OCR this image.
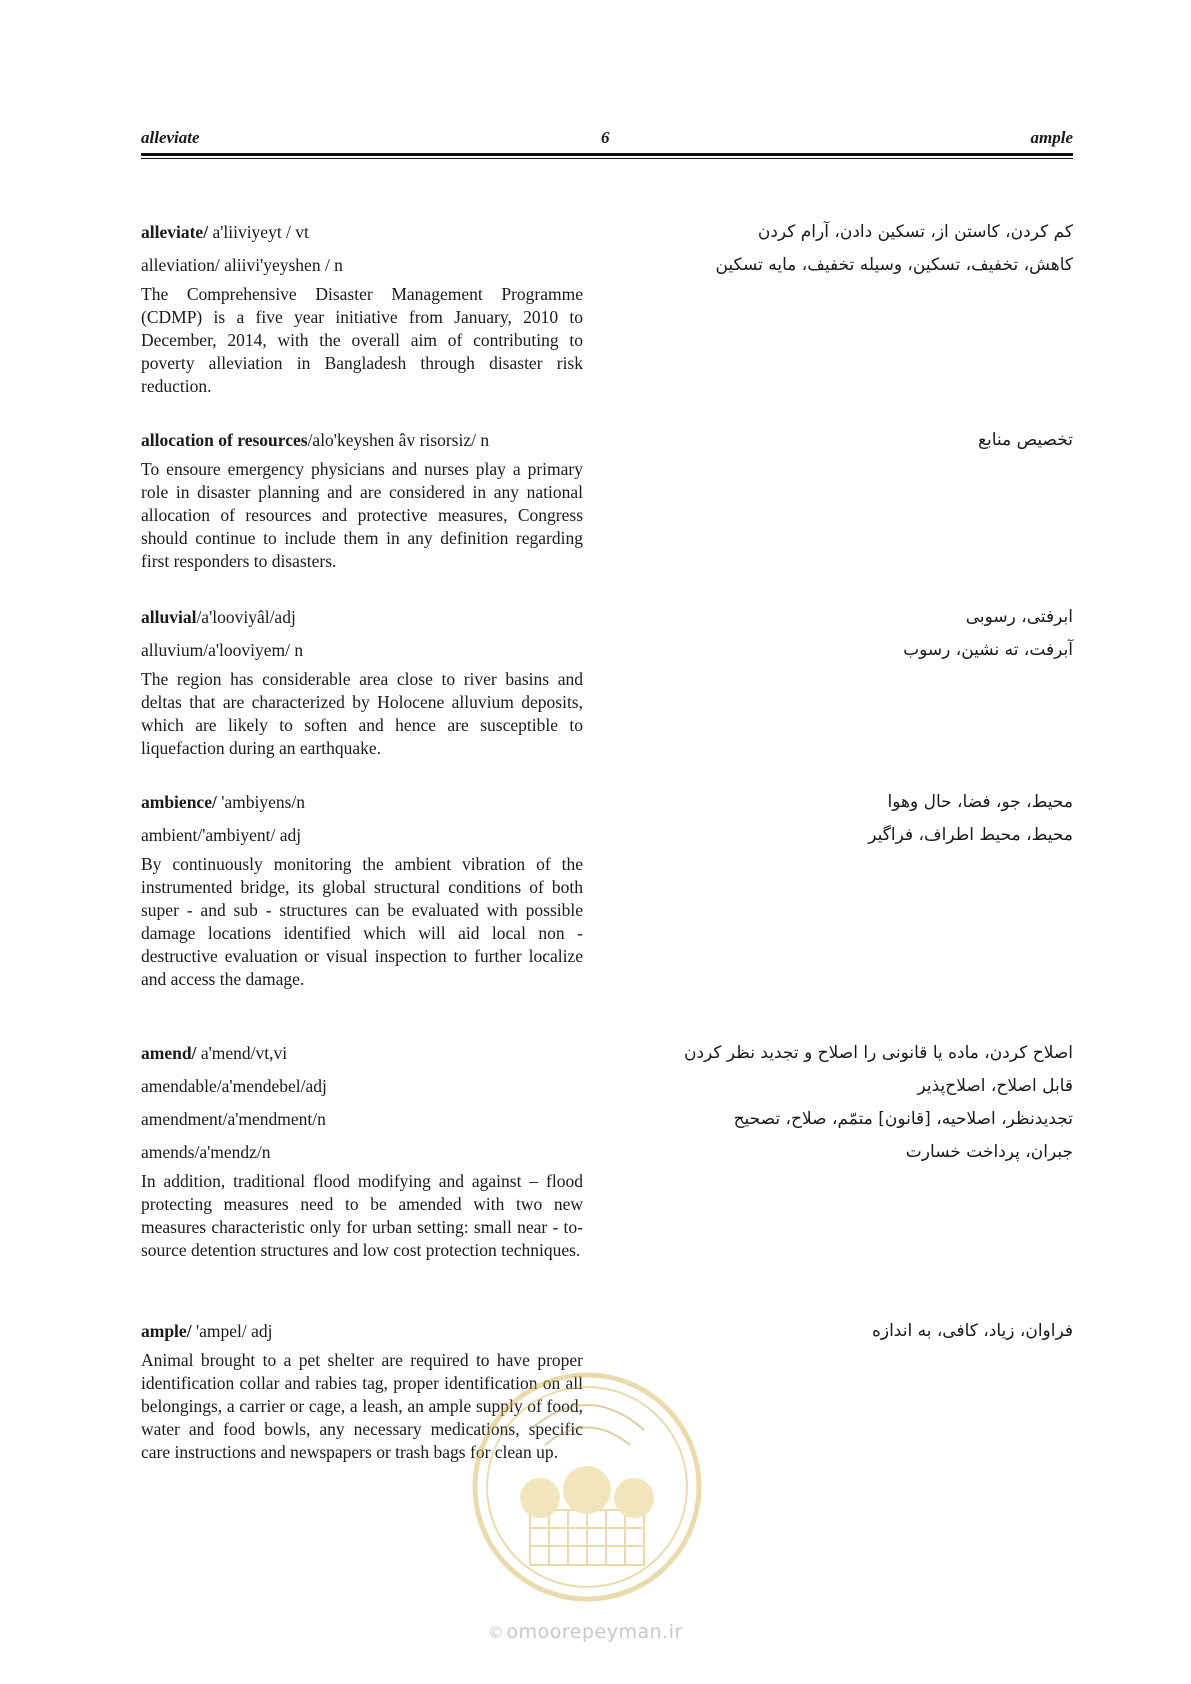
alleviate	6	ample
alleviate/ a'liiviyeyt / vt	کم کردن، کاستن از، تسکین دادن، آرام کردن
alleviation/ aliivi'yeyshen / n	کاهش، تخفیف، تسکین، وسیله تخفیف، مایه تسکین
The Comprehensive Disaster Management Programme (CDMP) is a five year initiative from January, 2010 to December, 2014, with the overall aim of contributing to poverty alleviation in Bangladesh through disaster risk reduction.
allocation of resources/alo'keyshen âv risorsiz/ n	تخصیص منابع
To ensoure emergency physicians and nurses play a primary role in disaster planning and are considered in any national allocation of resources and protective measures, Congress should continue to include them in any definition regarding first responders to disasters.
alluvial/a'looviyâl/adj	ابرفتی، رسوبی
alluvium/a'looviyem/ n	آبرفت، ته نشین، رسوب
The region has considerable area close to river basins and deltas that are characterized by Holocene alluvium deposits, which are likely to soften and hence are susceptible to liquefaction during an earthquake.
ambience/ 'ambiyens/n	محیط، جو، فضا، حال وهوا
ambient/'ambiyent/ adj	محیط، محیط اطراف، فراگیر
By continuously monitoring the ambient vibration of the instrumented bridge, its global structural conditions of both super - and sub - structures can be evaluated with possible damage locations identified which will aid local non - destructive evaluation or visual inspection to further localize and access the damage.
amend/ a'mend/vt,vi	اصلاح کردن، ماده یا قانونی را اصلاح و تجدید نظر کردن
amendable/a'mendebel/adj	قابل اصلاح، اصلاح‌پذیر
amendment/a'mendment/n	تجدیدنظر، اصلاحیه، [قانون] متمّم، صلاح، تصحیح
amends/a'mendz/n	جبران، پرداخت خسارت
In addition, traditional flood modifying and against – flood protecting measures need to be amended with two new measures characteristic only for urban setting: small near - to- source detention structures and low cost protection techniques.
ample/ 'ampel/ adj	فراوان، زیاد، کافی، به اندازه
Animal brought to a pet shelter are required to have proper identification collar and rabies tag, proper identification on all belongings, a carrier or cage, a leash, an ample supply of food, water and food bowls, any necessary medications, specific care instructions and newspapers or trash bags for clean up.
© omoorepeyman.ir
